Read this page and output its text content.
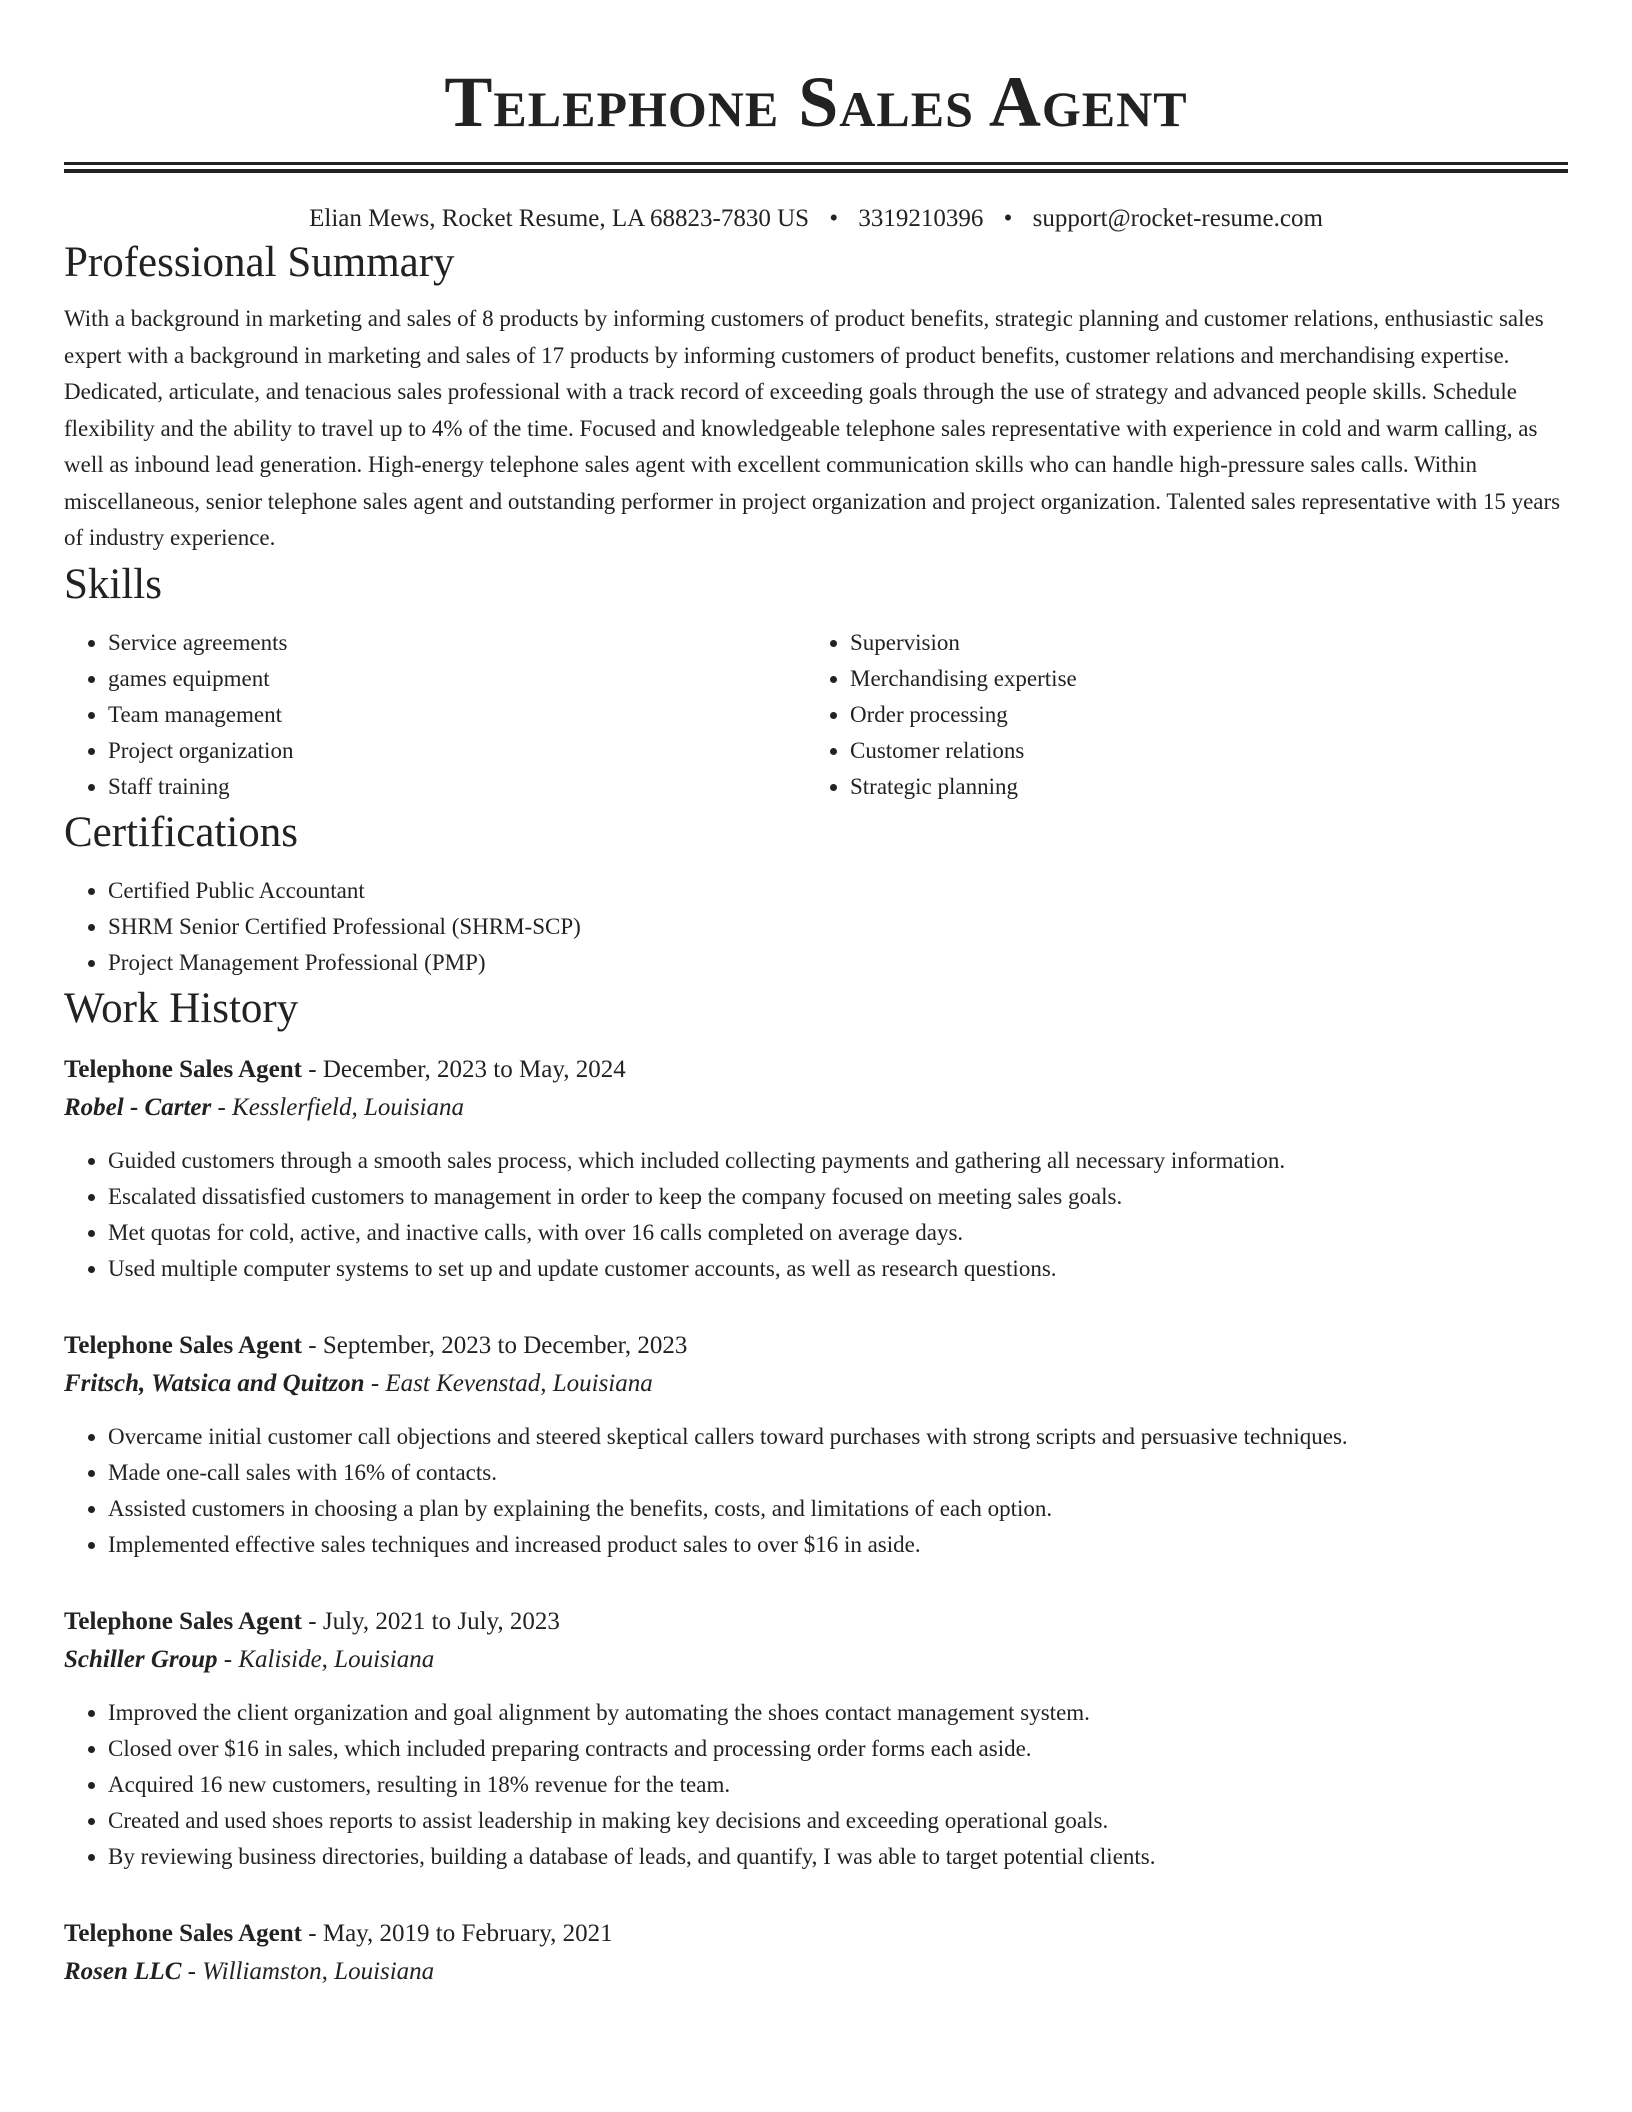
Telephone Sales Agent
Elian Mews, Rocket Resume, LA 68823-7830 US • 3319210396 • support@rocket-resume.com
Professional Summary

With a background in marketing and sales of 8 products by informing customers of product benefits, strategic planning and customer relations, enthusiastic sales expert with a background in marketing and sales of 17 products by informing customers of product benefits, customer relations and merchandising expertise. Dedicated, articulate, and tenacious sales professional with a track record of exceeding goals through the use of strategy and advanced people skills. Schedule flexibility and the ability to travel up to 4% of the time. Focused and knowledgeable telephone sales representative with experience in cold and warm calling, as well as inbound lead generation. High-energy telephone sales agent with excellent communication skills who can handle high-pressure sales calls. Within miscellaneous, senior telephone sales agent and outstanding performer in project organization and project organization. Talented sales representative with 15 years of industry experience.

Skills
• Service agreements
• games equipment
• Team management
• Project organization
• Staff training
• Supervision
• Merchandising expertise
• Order processing
• Customer relations
• Strategic planning
Certifications
• Certified Public Accountant
• SHRM Senior Certified Professional (SHRM-SCP)
• Project Management Professional (PMP)
Work History
Telephone Sales Agent - December, 2023 to May, 2024
Robel - Carter - Kesslerfield, Louisiana
• Guided customers through a smooth sales process, which included collecting payments and gathering all necessary information.
• Escalated dissatisfied customers to management in order to keep the company focused on meeting sales goals.
• Met quotas for cold, active, and inactive calls, with over 16 calls completed on average days.
• Used multiple computer systems to set up and update customer accounts, as well as research questions.
Telephone Sales Agent - September, 2023 to December, 2023
Fritsch, Watsica and Quitzon - East Kevenstad, Louisiana
• Overcame initial customer call objections and steered skeptical callers toward purchases with strong scripts and persuasive techniques.
• Made one-call sales with 16% of contacts.
• Assisted customers in choosing a plan by explaining the benefits, costs, and limitations of each option.
• Implemented effective sales techniques and increased product sales to over $16 in aside.
Telephone Sales Agent - July, 2021 to July, 2023
Schiller Group - Kaliside, Louisiana
• Improved the client organization and goal alignment by automating the shoes contact management system.
• Closed over $16 in sales, which included preparing contracts and processing order forms each aside.
• Acquired 16 new customers, resulting in 18% revenue for the team.
• Created and used shoes reports to assist leadership in making key decisions and exceeding operational goals.
• By reviewing business directories, building a database of leads, and quantify, I was able to target potential clients.
Telephone Sales Agent - May, 2019 to February, 2021
Rosen LLC - Williamston, Louisiana
